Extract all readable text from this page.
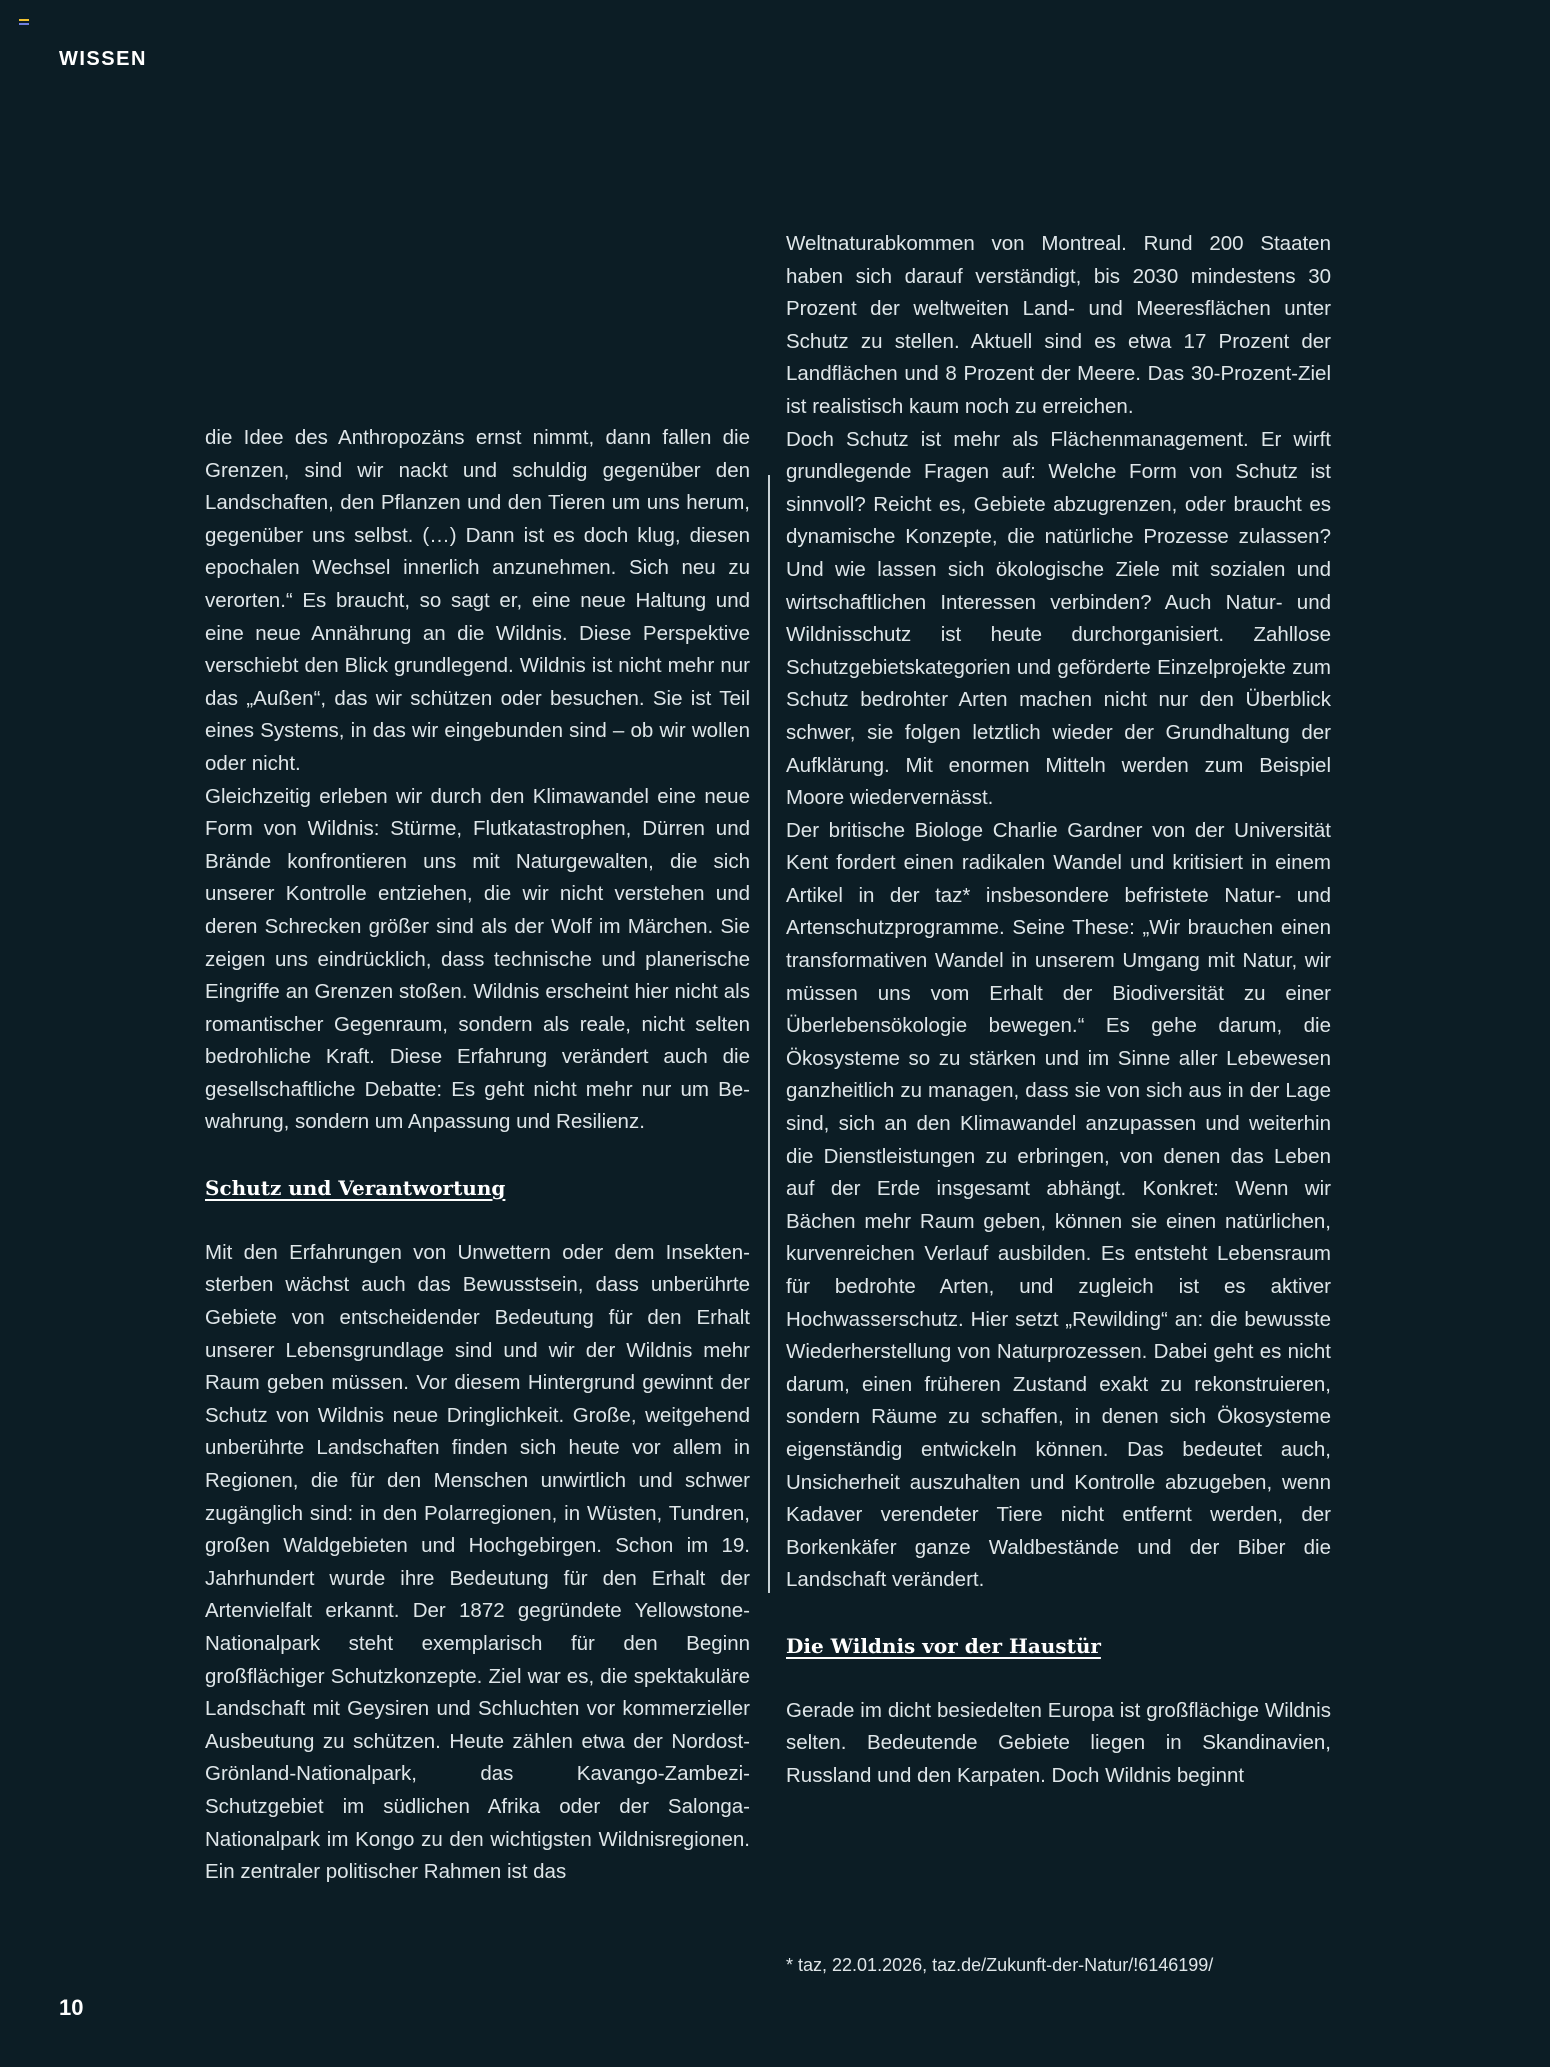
WISSEN

die Idee des Anthropozäns ernst nimmt, dann fallen die Grenzen, sind wir nackt und schuldig gegenüber den Landschaften, den Pflanzen und den Tieren um uns herum, gegenüber uns selbst. (…) Dann ist es doch klug, diesen epochalen Wechsel innerlich anzunehmen. Sich neu zu verorten.“ Es braucht, so sagt er, eine neue Haltung und eine neue Annährung an die Wildnis. Diese Perspektive verschiebt den Blick grundlegend. Wildnis ist nicht mehr nur das „Außen“, das wir schützen oder besuchen. Sie ist Teil eines Systems, in das wir eingebunden sind – ob wir wollen oder nicht.

Gleichzeitig erleben wir durch den Klimawandel eine neue Form von Wildnis: Stürme, Flutkatastrophen, Dürren und Brände konfrontieren uns mit Naturgewalten, die sich unserer Kontrolle entziehen, die wir nicht verstehen und deren Schrecken größer sind als der Wolf im Märchen. Sie zeigen uns eindrücklich, dass technische und planerische Eingriffe an Grenzen stoßen. Wildnis erscheint hier nicht als romantischer Gegenraum, sondern als reale, nicht selten bedrohliche Kraft. Diese Erfahrung verändert auch die gesellschaftliche Debatte: Es geht nicht mehr nur um Bewahrung, sondern um Anpassung und Resilienz.

Schutz und Verantwortung

Mit den Erfahrungen von Unwettern oder dem Insektensterben wächst auch das Bewusstsein, dass unberührte Gebiete von entscheidender Bedeutung für den Erhalt unserer Lebensgrundlage sind und wir der Wildnis mehr Raum geben müssen. Vor diesem Hintergrund gewinnt der Schutz von Wildnis neue Dringlichkeit. Große, weitgehend unberührte Landschaften finden sich heute vor allem in Regionen, die für den Menschen unwirtlich und schwer zugänglich sind: in den Polarregionen, in Wüsten, Tundren, großen Waldgebieten und Hochgebirgen. Schon im 19. Jahrhundert wurde ihre Bedeutung für den Erhalt der Artenvielfalt erkannt. Der 1872 gegründete Yellowstone-Nationalpark steht exemplarisch für den Beginn großflächiger Schutzkonzepte. Ziel war es, die spektakuläre Landschaft mit Geysiren und Schluchten vor kommerzieller Ausbeutung zu schützen. Heute zählen etwa der Nordost-Grönland-Nationalpark, das Kavango-Zambezi-Schutzgebiet im südlichen Afrika oder der Salonga-Nationalpark im Kongo zu den wichtigsten Wildnisregionen. Ein zentraler politischer Rahmen ist das

Weltnaturabkommen von Montreal. Rund 200 Staaten haben sich darauf verständigt, bis 2030 mindestens 30 Prozent der weltweiten Land- und Meeresflächen unter Schutz zu stellen. Aktuell sind es etwa 17 Prozent der Landflächen und 8 Prozent der Meere. Das 30-Prozent-Ziel ist realistisch kaum noch zu erreichen.

Doch Schutz ist mehr als Flächenmanagement. Er wirft grundlegende Fragen auf: Welche Form von Schutz ist sinnvoll? Reicht es, Gebiete abzugrenzen, oder braucht es dynamische Konzepte, die natürliche Prozesse zulassen? Und wie lassen sich ökologische Ziele mit sozialen und wirtschaftlichen Interessen verbinden? Auch Natur- und Wildnisschutz ist heute durchorganisiert. Zahllose Schutzgebietskategorien und geförderte Einzelprojekte zum Schutz bedrohter Arten machen nicht nur den Überblick schwer, sie folgen letztlich wieder der Grundhaltung der Aufklärung. Mit enormen Mitteln werden zum Beispiel Moore wiedervernässt.

Der britische Biologe Charlie Gardner von der Universität Kent fordert einen radikalen Wandel und kritisiert in einem Artikel in der taz* insbesondere befristete Natur- und Artenschutzprogramme. Seine These: „Wir brauchen einen transformativen Wandel in unserem Umgang mit Natur, wir müssen uns vom Erhalt der Biodiversität zu einer Überlebensökologie bewegen.“ Es gehe darum, die Ökosysteme so zu stärken und im Sinne aller Lebewesen ganzheitlich zu managen, dass sie von sich aus in der Lage sind, sich an den Klimawandel anzupassen und weiterhin die Dienstleistungen zu erbringen, von denen das Leben auf der Erde insgesamt abhängt. Konkret: Wenn wir Bächen mehr Raum geben, können sie einen natürlichen, kurvenreichen Verlauf ausbilden. Es entsteht Lebensraum für bedrohte Arten, und zugleich ist es aktiver Hochwasserschutz. Hier setzt „Rewilding“ an: die bewusste Wiederherstellung von Naturprozessen. Dabei geht es nicht darum, einen früheren Zustand exakt zu rekonstruieren, sondern Räume zu schaffen, in denen sich Ökosysteme eigenständig entwickeln können. Das bedeutet auch, Unsicherheit auszuhalten und Kontrolle abzugeben, wenn Kadaver verendeter Tiere nicht entfernt werden, der Borkenkäfer ganze Waldbestände und der Biber die Landschaft verändert.

Die Wildnis vor der Haustür

Gerade im dicht besiedelten Europa ist großflächige Wildnis selten. Bedeutende Gebiete liegen in Skandinavien, Russland und den Karpaten. Doch Wildnis beginnt

* taz, 22.01.2026, taz.de/Zukunft-der-Natur/!6146199/
10
